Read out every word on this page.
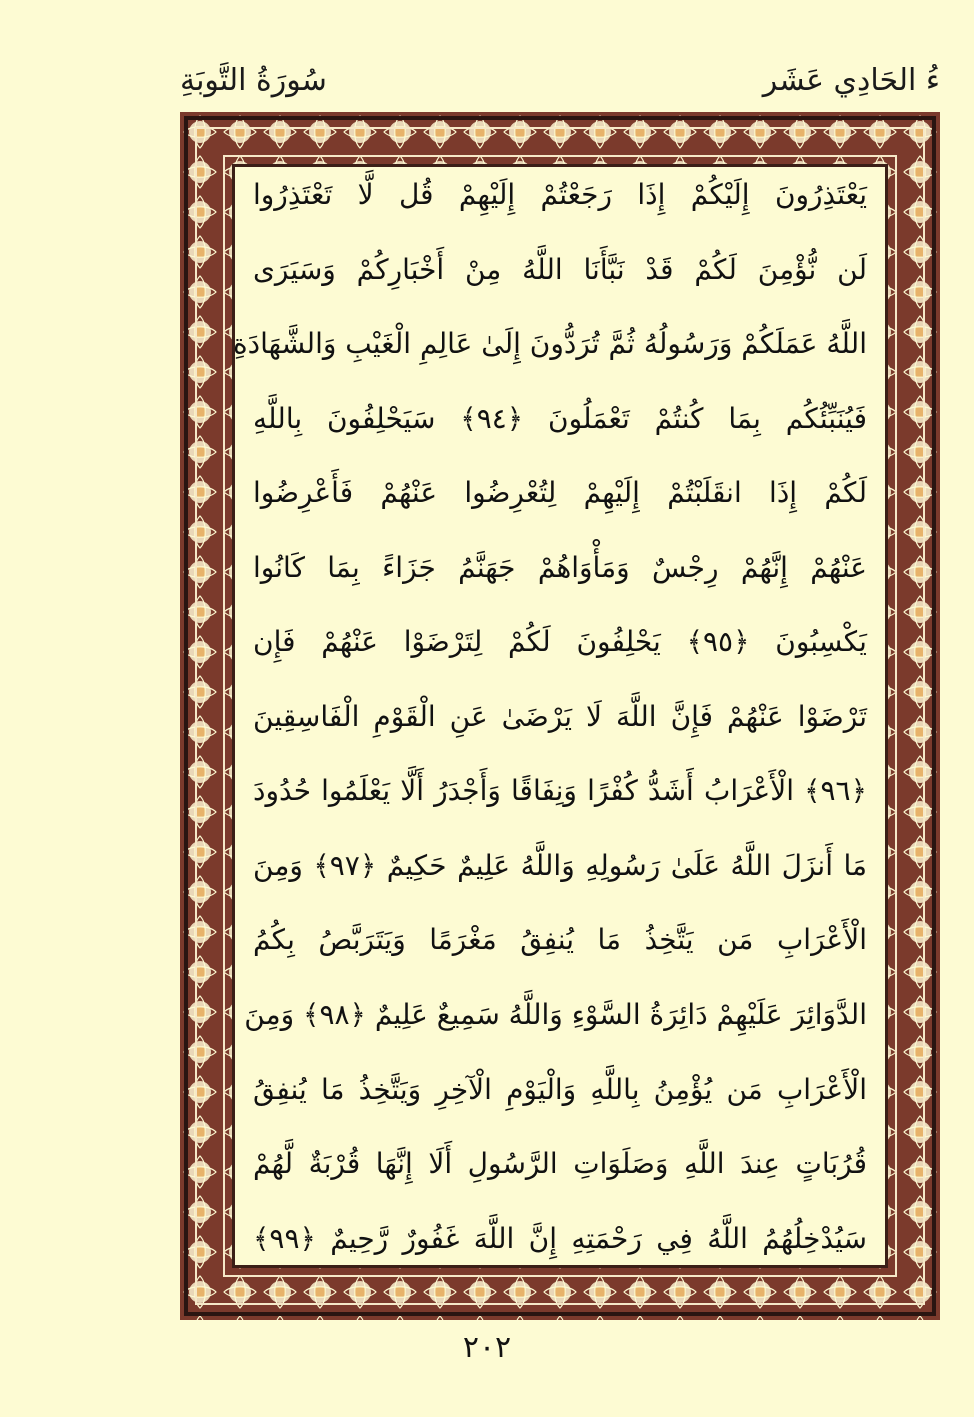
سُورَةُ التَّوبَةِ	ءُ الحَادِي عَشَر
يَعْتَذِرُونَ إِلَيْكُمْ إِذَا رَجَعْتُمْ إِلَيْهِمْ قُل لَّا تَعْتَذِرُوا
لَن نُّؤْمِنَ لَكُمْ قَدْ نَبَّأَنَا اللَّهُ مِنْ أَخْبَارِكُمْ وَسَيَرَى
اللَّهُ عَمَلَكُمْ وَرَسُولُهُ ثُمَّ تُرَدُّونَ إِلَىٰ عَالِمِ الْغَيْبِ وَالشَّهَادَةِ
فَيُنَبِّئُكُم بِمَا كُنتُمْ تَعْمَلُونَ ﴿٩٤﴾ سَيَحْلِفُونَ بِاللَّهِ
لَكُمْ إِذَا انقَلَبْتُمْ إِلَيْهِمْ لِتُعْرِضُوا عَنْهُمْ فَأَعْرِضُوا
عَنْهُمْ إِنَّهُمْ رِجْسٌ وَمَأْوَاهُمْ جَهَنَّمُ جَزَاءً بِمَا كَانُوا
يَكْسِبُونَ ﴿٩٥﴾ يَحْلِفُونَ لَكُمْ لِتَرْضَوْا عَنْهُمْ فَإِن
تَرْضَوْا عَنْهُمْ فَإِنَّ اللَّهَ لَا يَرْضَىٰ عَنِ الْقَوْمِ الْفَاسِقِينَ
﴿٩٦﴾ الْأَعْرَابُ أَشَدُّ كُفْرًا وَنِفَاقًا وَأَجْدَرُ أَلَّا يَعْلَمُوا حُدُودَ
مَا أَنزَلَ اللَّهُ عَلَىٰ رَسُولِهِ وَاللَّهُ عَلِيمٌ حَكِيمٌ ﴿٩٧﴾ وَمِنَ
الْأَعْرَابِ مَن يَتَّخِذُ مَا يُنفِقُ مَغْرَمًا وَيَتَرَبَّصُ بِكُمُ
الدَّوَائِرَ عَلَيْهِمْ دَائِرَةُ السَّوْءِ وَاللَّهُ سَمِيعٌ عَلِيمٌ ﴿٩٨﴾ وَمِنَ
الْأَعْرَابِ مَن يُؤْمِنُ بِاللَّهِ وَالْيَوْمِ الْآخِرِ وَيَتَّخِذُ مَا يُنفِقُ
قُرُبَاتٍ عِندَ اللَّهِ وَصَلَوَاتِ الرَّسُولِ أَلَا إِنَّهَا قُرْبَةٌ لَّهُمْ
سَيُدْخِلُهُمُ اللَّهُ فِي رَحْمَتِهِ إِنَّ اللَّهَ غَفُورٌ رَّحِيمٌ ﴿٩٩﴾
٢٠٢
